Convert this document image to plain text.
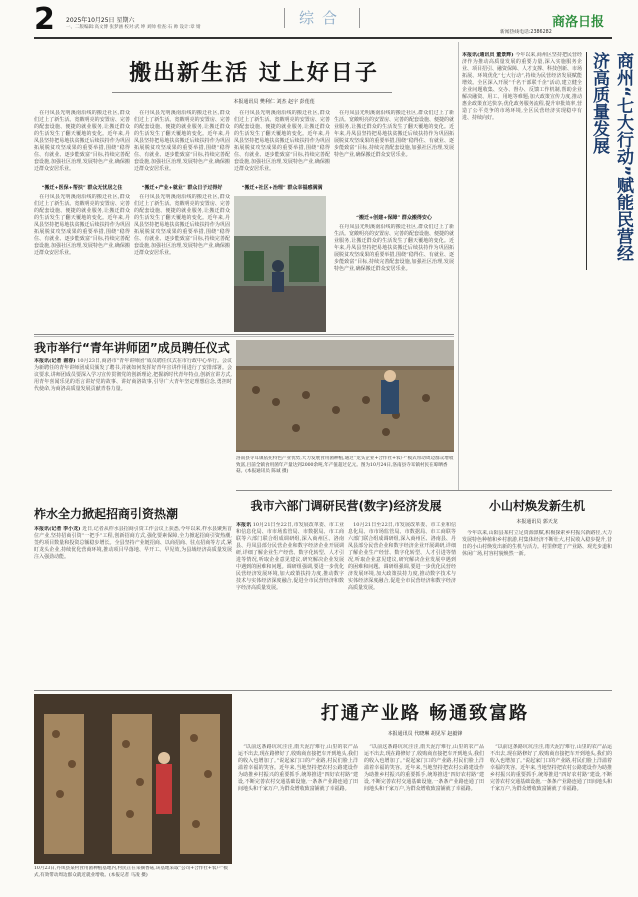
2 2025年10月25日 星期六
一、二版编辑:高文博 张梦涵 校对:武 坤 刘帅 检查:石 帅 设计:章 婧
综合	商洛日报
新闻热线电话:2386282
搬出新生活 过上好日子
本报通讯员 樊利仁 刘杰 赵宇 彭莲莲
在丹凤县光明溪南沿线的搬迁社区,群众们过上了新生活。宽敞明亮的安置房、完善的配套设施、便捷的就业服务,让搬迁群众的生活发生了翻天覆地的变化。近年来,丹凤县坚持把易地扶贫搬迁后续扶持作为巩固拓展脱贫攻坚成果的重要举措,围绕“稳得住、有就业、逐步能致富”目标,持续完善配套设施,加强社区治理,发展特色产业,确保搬迁群众安居乐业。
“搬迁+医保+帮扶” 群众无忧居之住
在丹凤县光明溪南沿线的搬迁社区,群众们过上了新生活。宽敞明亮的安置房、完善的配套设施、便捷的就业服务,让搬迁群众的生活发生了翻天覆地的变化。近年来,丹凤县坚持把易地扶贫搬迁后续扶持作为巩固拓展脱贫攻坚成果的重要举措,围绕“稳得住、有就业、逐步能致富”目标,持续完善配套设施,加强社区治理,发展特色产业,确保搬迁群众安居乐业。
在丹凤县光明溪南沿线的搬迁社区,群众们过上了新生活。宽敞明亮的安置房、完善的配套设施、便捷的就业服务,让搬迁群众的生活发生了翻天覆地的变化。近年来,丹凤县坚持把易地扶贫搬迁后续扶持作为巩固拓展脱贫攻坚成果的重要举措,围绕“稳得住、有就业、逐步能致富”目标,持续完善配套设施,加强社区治理,发展特色产业,确保搬迁群众安居乐业。
“搬迁+产业+就业” 群众日子过得好
在丹凤县光明溪南沿线的搬迁社区,群众们过上了新生活。宽敞明亮的安置房、完善的配套设施、便捷的就业服务,让搬迁群众的生活发生了翻天覆地的变化。近年来,丹凤县坚持把易地扶贫搬迁后续扶持作为巩固拓展脱贫攻坚成果的重要举措,围绕“稳得住、有就业、逐步能致富”目标,持续完善配套设施,加强社区治理,发展特色产业,确保搬迁群众安居乐业。
在丹凤县光明溪南沿线的搬迁社区,群众们过上了新生活。宽敞明亮的安置房、完善的配套设施、便捷的就业服务,让搬迁群众的生活发生了翻天覆地的变化。近年来,丹凤县坚持把易地扶贫搬迁后续扶持作为巩固拓展脱贫攻坚成果的重要举措,围绕“稳得住、有就业、逐步能致富”目标,持续完善配套设施,加强社区治理,发展特色产业,确保搬迁群众安居乐业。
“搬迁+社区+治理” 群众幸福感满满
在丹凤县光明溪南沿线的搬迁社区,群众们过上了新生活。宽敞明亮的安置房、完善的配套设施、便捷的就业服务,让搬迁群众的生活发生了翻天覆地的变化。近年来,丹凤县坚持把易地扶贫搬迁后续扶持作为巩固拓展脱贫攻坚成果的重要举措,围绕“稳得住、有就业、逐步能致富”目标,持续完善配套设施,加强社区治理,发展特色产业,确保搬迁群众安居乐业。
“搬迁+创建+保障” 群众搬得安心
在丹凤县光明溪南沿线的搬迁社区,群众们过上了新生活。宽敞明亮的安置房、完善的配套设施、便捷的就业服务,让搬迁群众的生活发生了翻天覆地的变化。近年来,丹凤县坚持把易地扶贫搬迁后续扶持作为巩固拓展脱贫攻坚成果的重要举措,围绕“稳得住、有就业、逐步能致富”目标,持续完善配套设施,加强社区治理,发展特色产业,确保搬迁群众安居乐业。
我市举行“青年讲师团”成员聘任仪式
本报讯(记者 谢春) 10月23日,商洛市“青年讲师团”成员聘任仪式在市行政中心举行。会议为新聘任的青年讲师团成员颁发了聘书,并就如何发挥好青年宣讲作用进行了安排部署。会议要求,讲师团成员要深入学习宣传贯彻党的创新理论,把握新时代青年特点,创新宣讲方式,用青年喜闻乐见的语言讲好党的故事、讲好商洛故事,引导广大青年坚定理想信念,勇担时代使命,为商洛高质量发展贡献青春力量。
柞水全力掀起招商引资热潮
本报讯(记者 李小龙) 近日,记者从柞水县招商引资工作会议上获悉,今年以来,柞水县聚焦首位产业,坚持招商引资“一把手”工程,创新招商方式,强化要素保障,全力掀起招商引资热潮,签约项目数量和投资总额稳步增长。全县坚持产业链招商、以商招商、驻点招商等方式,紧盯龙头企业,持续优化营商环境,推动项目早落地、早开工、早见效,为县域经济高质量发展注入强劲动能。
洛南县寺耳镇依托特色产业优势,大力发展食用菌种植,通过“龙头企业+合作社+农户”模式带动周边群众增收致富,目前全镇食用菌年产量达到2000余吨,年产值超过亿元。图为10月24日,洛南县寺耳镇村民在晾晒香菇。(本报通讯员 陈诚 摄)
我市六部门调研民营(数字)经济发展
本报讯 10月21日至22日,市发展改革委、市工业和信息化局、市市场监管局、市数据局、市工商联等六部门联合组成调研组,深入商州区、洛南县、丹凤县部分民营企业和数字经济企业开展调研,详细了解企业生产经营、数字化转型、人才引进等情况,听取企业意见建议,研究解决企业发展中遇到的困难和问题。调研组强调,要进一步优化民营经济发展环境,加大政策扶持力度,推动数字技术与实体经济深度融合,促进全市民营经济和数字经济高质量发展。
10月21日至22日,市发展改革委、市工业和信息化局、市市场监管局、市数据局、市工商联等六部门联合组成调研组,深入商州区、洛南县、丹凤县部分民营企业和数字经济企业开展调研,详细了解企业生产经营、数字化转型、人才引进等情况,听取企业意见建议,研究解决企业发展中遇到的困难和问题。调研组强调,要进一步优化民营经济发展环境,加大政策扶持力度,推动数字技术与实体经济深度融合,促进全市民营经济和数字经济高质量发展。
商州“七大行动”赋能民营经济高质量发展
本报讯(通讯员 董景辉) 今年以来,商州区坚持把民营经济作为推动高质量发展的重要力量,深入实施服务企业、项目招引、融资保障、人才支撑、科技创新、市场拓展、环境优化“七大行动”,持续为民营经济发展赋能增效。全区深入开展“千名干部联千企”活动,建立健全企业问题收集、交办、督办、反馈工作机制,帮助企业解决融资、用工、用地等难题;加大政策宣传力度,推动惠企政策直达快享;优化政务服务流程,提升审批效率,营造了公平竞争的市场环境,全区民营经济实现稳中有进、持续向好。
小山村焕发新生机
本报通讯员 郭天龙
今年以来,山阳县某村立足资源禀赋,积极探索乡村振兴新路径,大力发展特色种植和乡村旅游,村集体经济不断壮大,村民收入稳步提升,昔日的小山村焕发出新的生机与活力。村里修建了产业路、观光步道和休闲广场,村容村貌焕然一新。
打通产业路 畅通致富路
本报通讯员 代晓琳 胡见军 赵毅锋
10月23日,丹凤县某村食用菌种植基地内,村民正在采摘香菇,该基地采取“公司+合作社+农户”模式,有效带动周边群众就近就业增收。(本报记者 马凌 摄)
“以前这条路坑坑洼洼,雨天泥泞难行,山里的农产品运不出去,现在路修好了,收购商直接把车开到地头,我们的收入也增加了。”说起家门口的产业路,村民们脸上洋溢着幸福的笑容。近年来,当地坚持把农村公路建设作为助推乡村振兴的重要抓手,统筹推进“四好农村路”建设,不断完善农村交通基础设施,一条条产业路连通了田间地头和千家万户,为群众增收致富铺就了幸福路。
“以前这条路坑坑洼洼,雨天泥泞难行,山里的农产品运不出去,现在路修好了,收购商直接把车开到地头,我们的收入也增加了。”说起家门口的产业路,村民们脸上洋溢着幸福的笑容。近年来,当地坚持把农村公路建设作为助推乡村振兴的重要抓手,统筹推进“四好农村路”建设,不断完善农村交通基础设施,一条条产业路连通了田间地头和千家万户,为群众增收致富铺就了幸福路。
“以前这条路坑坑洼洼,雨天泥泞难行,山里的农产品运不出去,现在路修好了,收购商直接把车开到地头,我们的收入也增加了。”说起家门口的产业路,村民们脸上洋溢着幸福的笑容。近年来,当地坚持把农村公路建设作为助推乡村振兴的重要抓手,统筹推进“四好农村路”建设,不断完善农村交通基础设施,一条条产业路连通了田间地头和千家万户,为群众增收致富铺就了幸福路。
